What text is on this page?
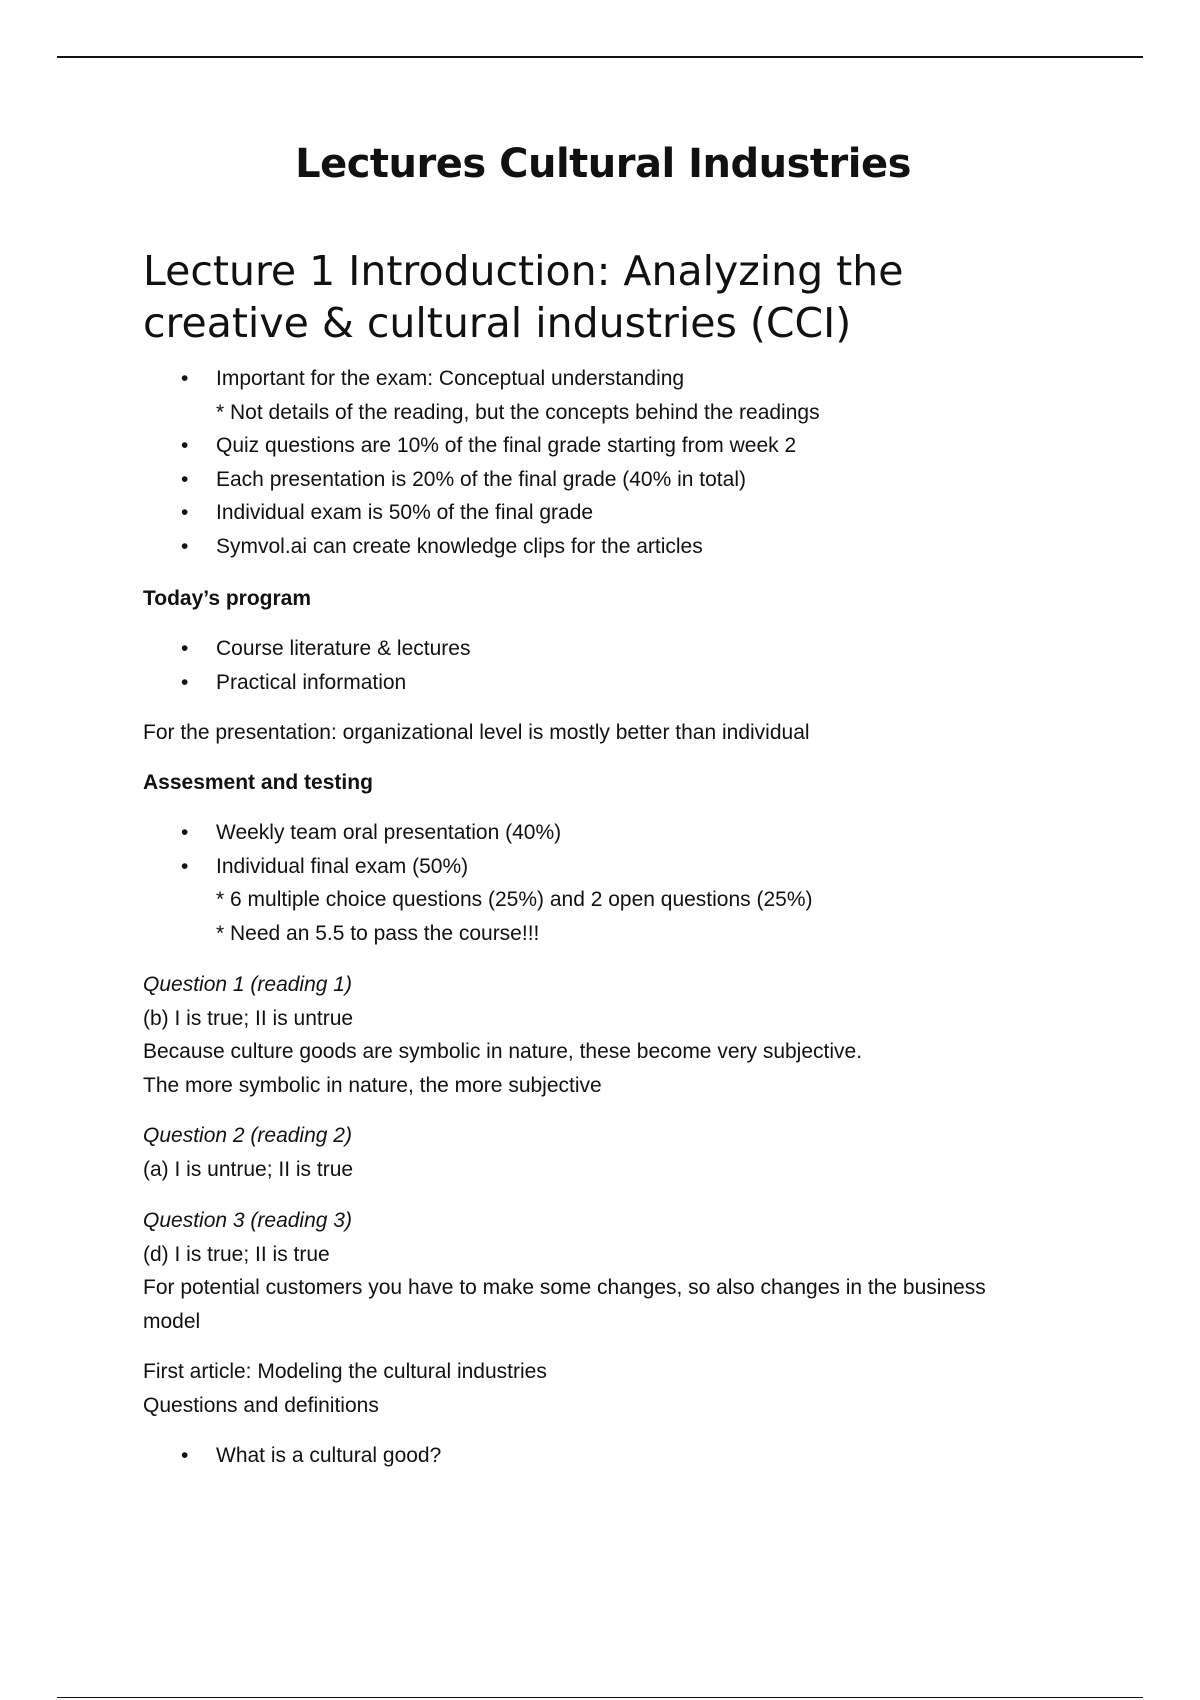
Lectures Cultural Industries
Lecture 1 Introduction: Analyzing the creative & cultural industries (CCI)
• Important for the exam: Conceptual understanding
* Not details of the reading, but the concepts behind the readings
• Quiz questions are 10% of the final grade starting from week 2
• Each presentation is 20% of the final grade (40% in total)
• Individual exam is 50% of the final grade
• Symvol.ai can create knowledge clips for the articles
Today’s program
• Course literature & lectures
• Practical information
For the presentation: organizational level is mostly better than individual
Assesment and testing
• Weekly team oral presentation (40%)
• Individual final exam (50%)
* 6 multiple choice questions (25%) and 2 open questions (25%)
* Need an 5.5 to pass the course!!!
Question 1 (reading 1)
(b) I is true; II is untrue
Because culture goods are symbolic in nature, these become very subjective.
The more symbolic in nature, the more subjective
Question 2 (reading 2)
(a) I is untrue; II is true
Question 3 (reading 3)
(d) I is true; II is true
For potential customers you have to make some changes, so also changes in the business model
First article: Modeling the cultural industries
Questions and definitions
• What is a cultural good?
